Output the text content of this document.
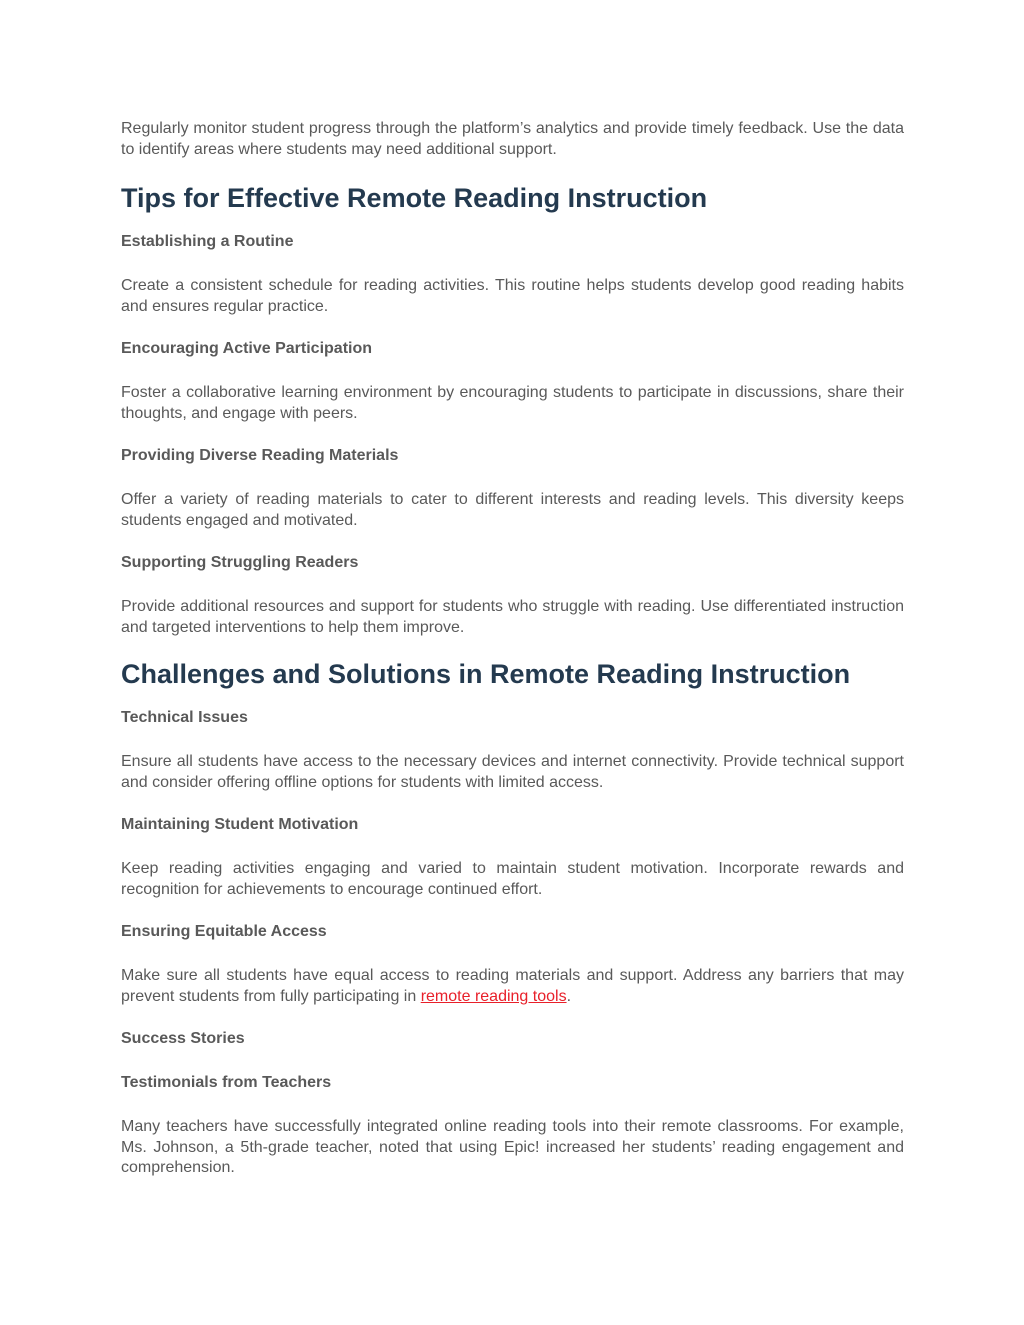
Regularly monitor student progress through the platform’s analytics and provide timely feedback. Use the data to identify areas where students may need additional support.

Tips for Effective Remote Reading Instruction
Establishing a Routine

Create a consistent schedule for reading activities. This routine helps students develop good reading habits and ensures regular practice.

Encouraging Active Participation

Foster a collaborative learning environment by encouraging students to participate in discussions, share their thoughts, and engage with peers.

Providing Diverse Reading Materials

Offer a variety of reading materials to cater to different interests and reading levels. This diversity keeps students engaged and motivated.

Supporting Struggling Readers

Provide additional resources and support for students who struggle with reading. Use differentiated instruction and targeted interventions to help them improve.

Challenges and Solutions in Remote Reading Instruction
Technical Issues

Ensure all students have access to the necessary devices and internet connectivity. Provide technical support and consider offering offline options for students with limited access.

Maintaining Student Motivation

Keep reading activities engaging and varied to maintain student motivation. Incorporate rewards and recognition for achievements to encourage continued effort.

Ensuring Equitable Access

Make sure all students have equal access to reading materials and support. Address any barriers that may prevent students from fully participating in remote reading tools.

Success Stories
Testimonials from Teachers

Many teachers have successfully integrated online reading tools into their remote classrooms. For example, Ms. Johnson, a 5th-grade teacher, noted that using Epic! increased her students’ reading engagement and comprehension.
